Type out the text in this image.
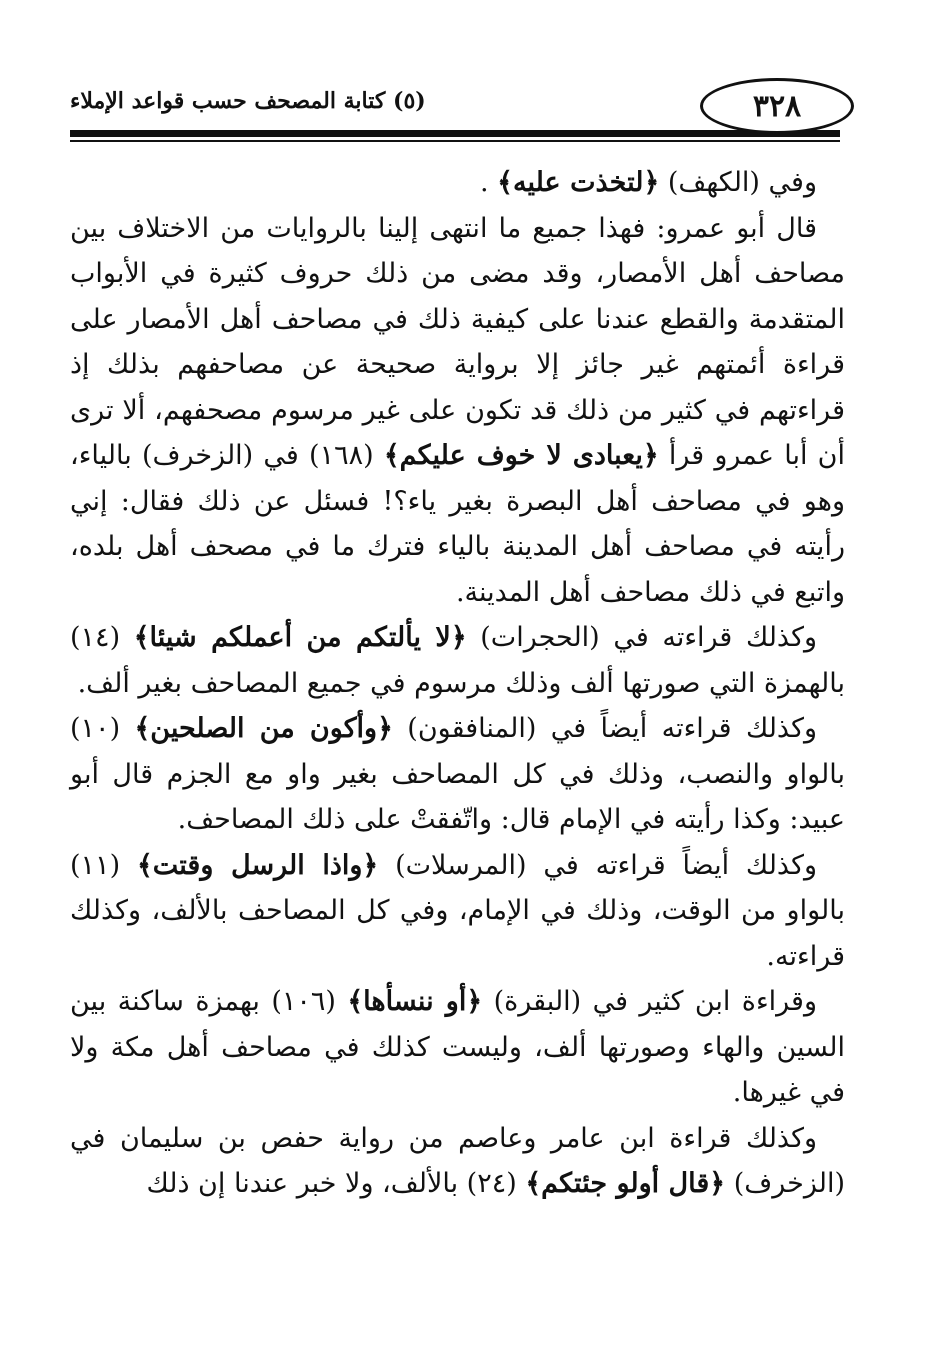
٣٢٨
(٥) كتابة المصحف حسب قواعد الإملاء

وفي (الكهف) ﴿لتخذت عليه﴾ .

قال أبو عمرو: فهذا جميع ما انتهى إلينا بالروايات من الاختلاف بين مصاحف أهل الأمصار، وقد مضى من ذلك حروف كثيرة في الأبواب المتقدمة والقطع عندنا على كيفية ذلك في مصاحف أهل الأمصار على قراءة أئمتهم غير جائز إلا برواية صحيحة عن مصاحفهم بذلك إذ قراءتهم في كثير من ذلك قد تكون على غير مرسوم مصحفهم، ألا ترى أن أبا عمرو قرأ ﴿يعبادى لا خوف عليكم﴾ (١٦٨) في (الزخرف) بالياء، وهو في مصاحف أهل البصرة بغير ياء؟! فسئل عن ذلك فقال: إني رأيته في مصاحف أهل المدينة بالياء فترك ما في مصحف أهل بلده، واتبع في ذلك مصاحف أهل المدينة.

وكذلك قراءته في (الحجرات) ﴿لا يألتكم من أعملكم شيئا﴾ (١٤) بالهمزة التي صورتها ألف وذلك مرسوم في جميع المصاحف بغير ألف.

وكذلك قراءته أيضاً في (المنافقون) ﴿وأكون من الصلحين﴾ (١٠) بالواو والنصب، وذلك في كل المصاحف بغير واو مع الجزم قال أبو عبيد: وكذا رأيته في الإمام قال: واتّفقتْ على ذلك المصاحف.

وكذلك أيضاً قراءته في (المرسلات) ﴿واذا الرسل وقتت﴾ (١١) بالواو من الوقت، وذلك في الإمام، وفي كل المصاحف بالألف، وكذلك قراءته.

وقراءة ابن كثير في (البقرة) ﴿أو ننسأها﴾ (١٠٦) بهمزة ساكنة بين السين والهاء وصورتها ألف، وليست كذلك في مصاحف أهل مكة ولا في غيرها.

وكذلك قراءة ابن عامر وعاصم من رواية حفص بن سليمان في (الزخرف) ﴿قال أولو جئتكم﴾ (٢٤) بالألف، ولا خبر عندنا إن ذلك
